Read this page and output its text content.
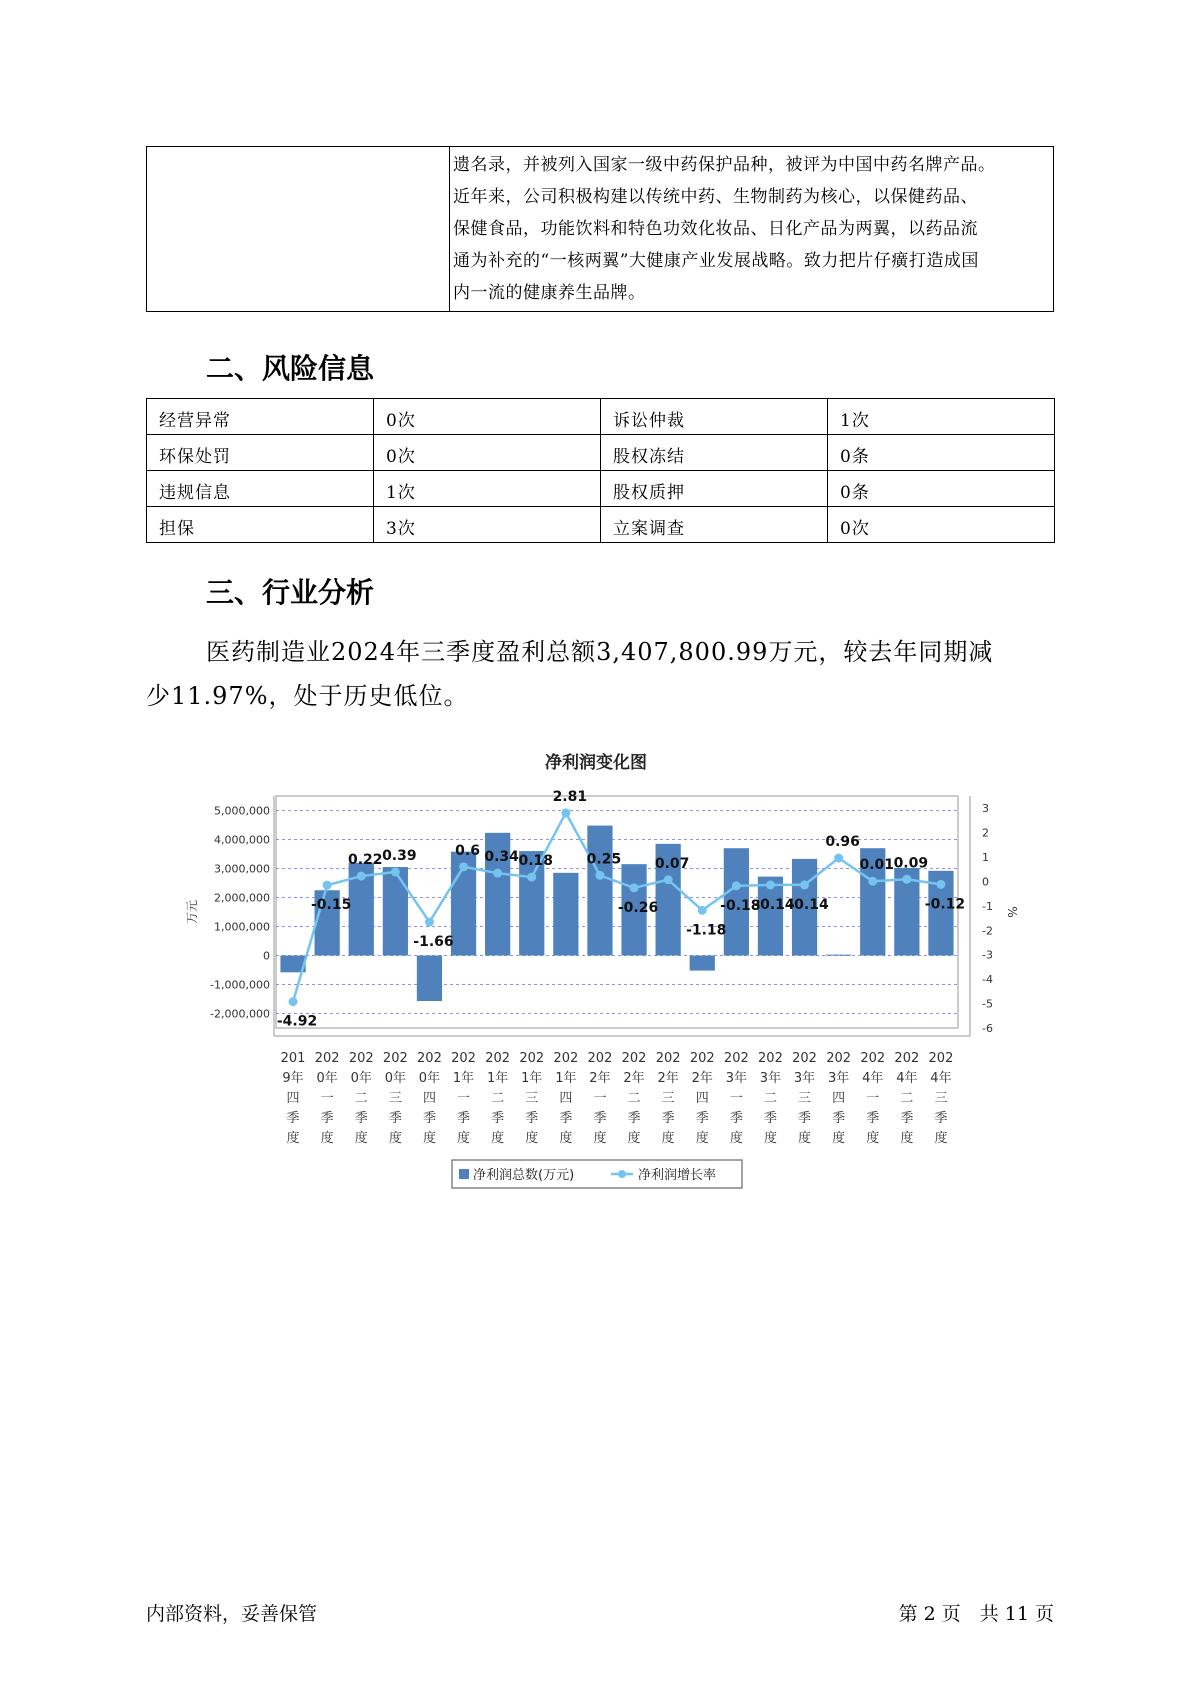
遗名录，并被列入国家一级中药保护品种，被评为中国中药名牌产品。
近年来，公司积极构建以传统中药、生物制药为核心，以保健药品、
保健食品，功能饮料和特色功效化妆品、日化产品为两翼，以药品流
通为补充的“一核两翼”大健康产业发展战略。致力把片仔癀打造成国
内一流的健康养生品牌。
二、风险信息
经营异常	0次	诉讼仲裁	1次
环保处罚	0次	股权冻结	0条
违规信息	1次	股权质押	0条
担保	3次	立案调查	0次
三、行业分析
医药制造业2024年三季度盈利总额3,407,800.99万元，较去年同期减
少11.97%，处于历史低位。
净利润变化图
5,000,000
4,000,000
3,000,000
2,000,000
1,000,000
0
-1,000,000
-2,000,000
3
2
1
0
-1
-2
-3
-4
-5
-6
万元	%
201
9年
四
季
度
202
0年
一
季
度
202
0年
二
季
度
202
0年
三
季
度
202
0年
四
季
度
202
1年
一
季
度
202
1年
二
季
度
202
1年
三
季
度
202
1年
四
季
度
202
2年
一
季
度
202
2年
二
季
度
202
2年
三
季
度
202
2年
四
季
度
202
3年
一
季
度
202
3年
二
季
度
202
3年
三
季
度
202
3年
四
季
度
202
4年
一
季
度
202
4年
二
季
度
202
4年
三
季
度
-4.92
-0.15
0.22 0.39
-1.66
0.6 0.34 0.18
2.81
0.25
-0.26
0.07
-1.18
-0.18
-0.14
-0.14
0.96
0.01 0.09
-0.12
净利润总数(万元)	净利润增长率
内部资料，妥善保管	第 2 页　共 11 页
